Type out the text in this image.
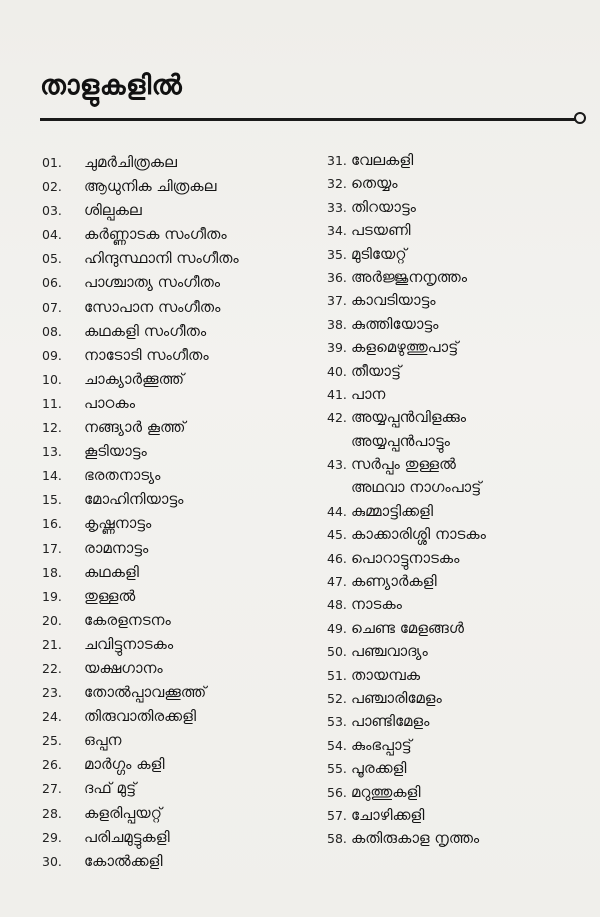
താളുകളിൽ
01. ചുമർചിത്രകല
02. ആധുനിക ചിത്രകല
03. ശില്പകല
04. കർണ്ണാടക സംഗീതം
05. ഹിന്ദുസ്ഥാനി സംഗീതം
06. പാശ്ചാത്യ സംഗീതം
07. സോപാന സംഗീതം
08. കഥകളി സംഗീതം
09. നാടോടി സംഗീതം
10. ചാക്യാർക്കൂത്ത്
11. പാഠകം
12. നങ്ങ്യാർ കൂത്ത്
13. കൂടിയാട്ടം
14. ഭരതനാട്യം
15. മോഹിനിയാട്ടം
16. കൃഷ്ണനാട്ടം
17. രാമനാട്ടം
18. കഥകളി
19. തുള്ളൽ
20. കേരളനടനം
21. ചവിട്ടുനാടകം
22. യക്ഷഗാനം
23. തോൽപ്പാവക്കൂത്ത്
24. തിരുവാതിരക്കളി
25. ഒപ്പന
26. മാർഗ്ഗം കളി
27. ദഫ് മുട്ട്
28. കളരിപ്പയറ്റ്
29. പരിചമുട്ടുകളി
30. കോൽക്കളി
31. വേലകളി
32. തെയ്യം
33. തിറയാട്ടം
34. പടയണി
35. മുടിയേറ്റ്
36. അർജ്ജുനനൃത്തം
37. കാവടിയാട്ടം
38. കുത്തിയോട്ടം
39. കളമെഴുത്തുപാട്ട്
40. തീയാട്ട്
41. പാന
42. അയ്യപ്പൻവിളക്കും
അയ്യപ്പൻപാട്ടും
43. സർപ്പം തുള്ളൽ
അഥവാ നാഗംപാട്ട്
44. കുമ്മാട്ടിക്കളി
45. കാക്കാരിശ്ശി നാടകം
46. പൊറാട്ടുനാടകം
47. കണ്യാർകളി
48. നാടകം
49. ചെണ്ട മേളങ്ങൾ
50. പഞ്ചവാദ്യം
51. തായമ്പക
52. പഞ്ചാരിമേളം
53. പാണ്ടിമേളം
54. കുംഭപ്പാട്ട്
55. പൂരക്കളി
56. മറുത്തുകളി
57. ചോഴിക്കളി
58. കതിരുകാള നൃത്തം
